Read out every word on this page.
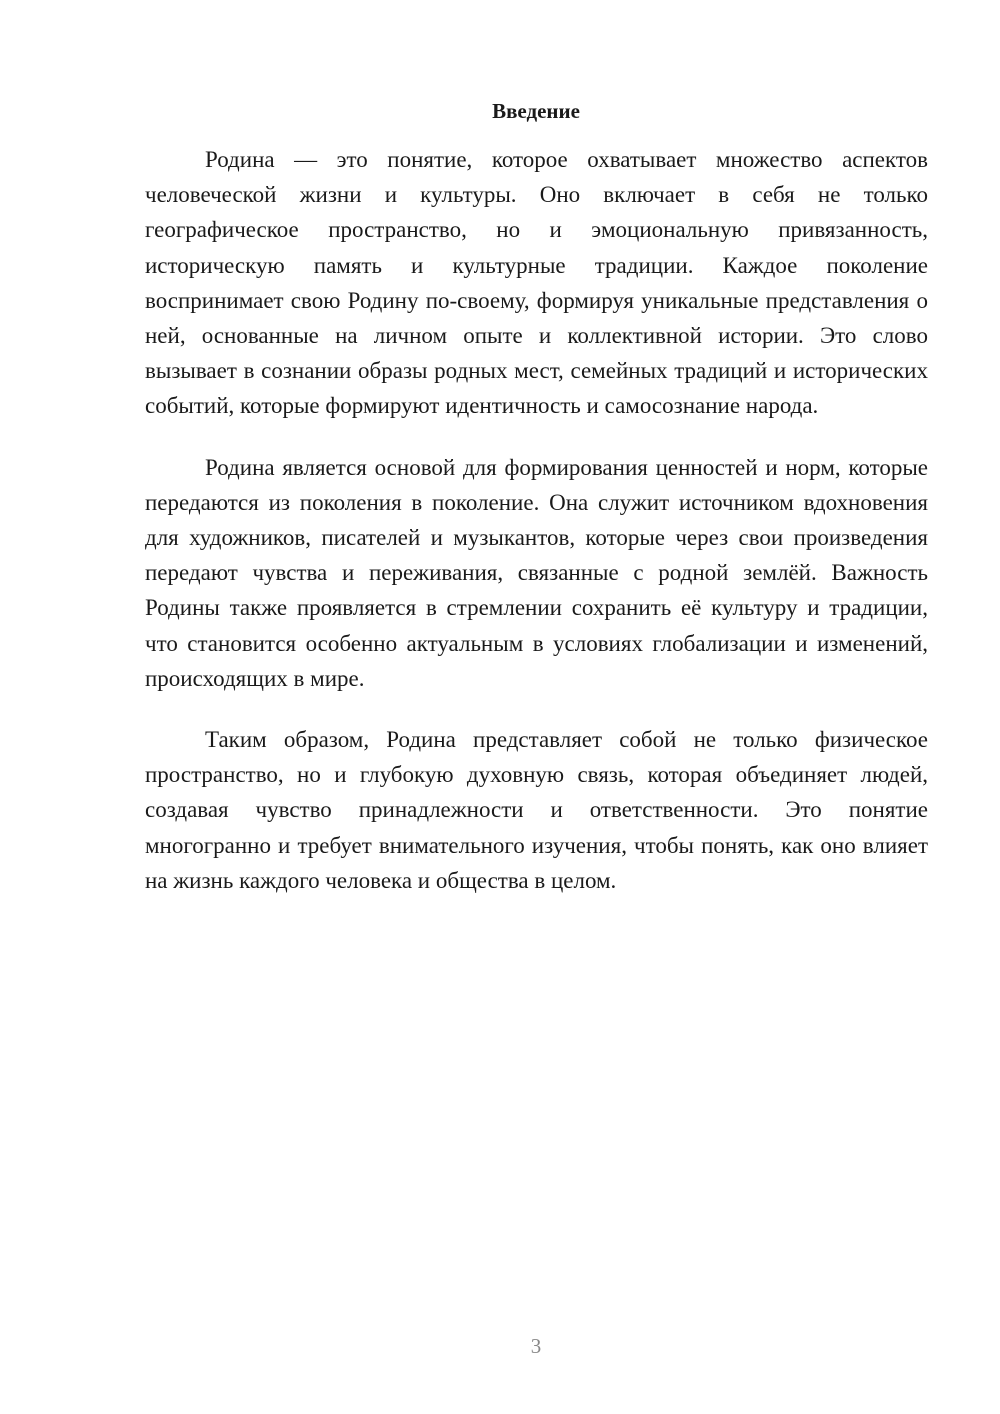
Введение

Родина — это понятие, которое охватывает множество аспектов человеческой жизни и культуры. Оно включает в себя не только географическое пространство, но и эмоциональную привязанность, историческую память и культурные традиции. Каждое поколение воспринимает свою Родину по-своему, формируя уникальные представления о ней, основанные на личном опыте и коллективной истории. Это слово вызывает в сознании образы родных мест, семейных традиций и исторических событий, которые формируют идентичность и самосознание народа.

Родина является основой для формирования ценностей и норм, которые передаются из поколения в поколение. Она служит источником вдохновения для художников, писателей и музыкантов, которые через свои произведения передают чувства и переживания, связанные с родной землёй. Важность Родины также проявляется в стремлении сохранить её культуру и традиции, что становится особенно актуальным в условиях глобализации и изменений, происходящих в мире.

Таким образом, Родина представляет собой не только физическое пространство, но и глубокую духовную связь, которая объединяет людей, создавая чувство принадлежности и ответственности. Это понятие многогранно и требует внимательного изучения, чтобы понять, как оно влияет на жизнь каждого человека и общества в целом.

3
